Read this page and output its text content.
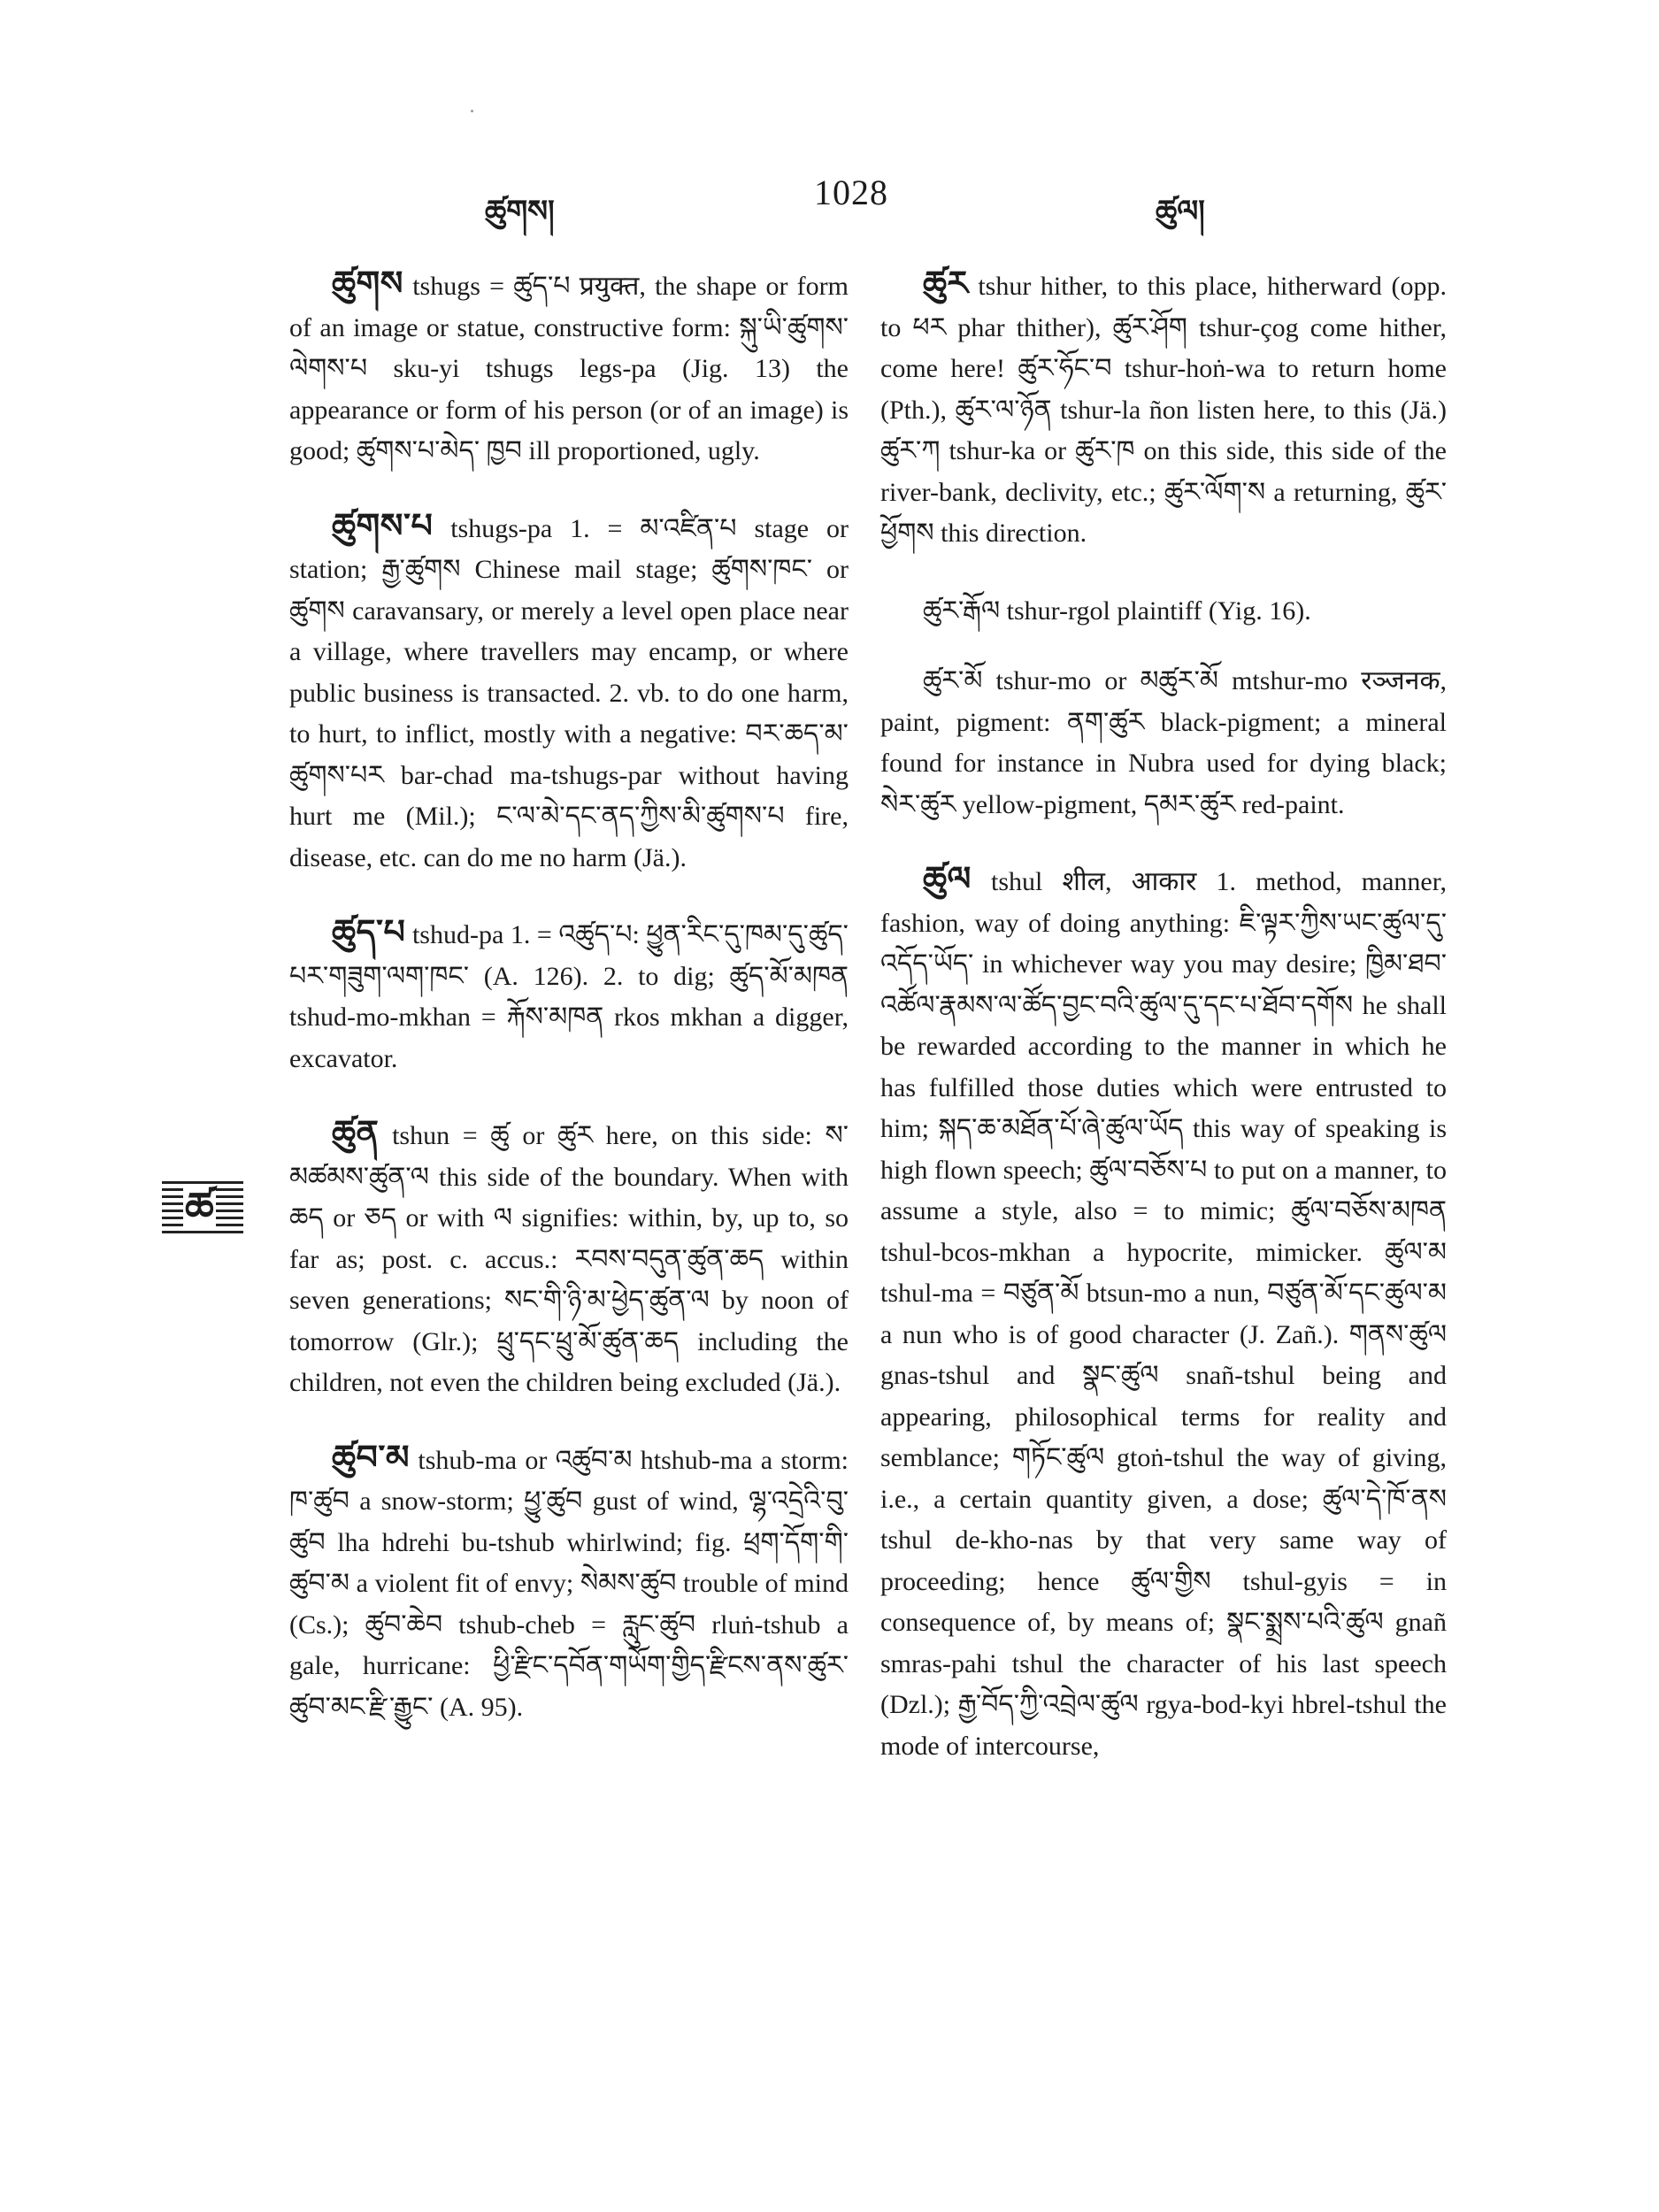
ཚུགས།	1028	ཚུལ།
ཚ

ཚུགས tshugs = ཚུད་པ प्रयुक्त, the shape or form of an image or statue, constructive form: སྐུ་ཡི་ཚུགས་ལེགས་པ sku-yi tshugs legs-pa (Jig. 13) the appearance or form of his person (or of an image) is good; ཚུགས་པ་མེད་ ཁྱབ ill proportioned, ugly.

ཚུགས་པ tshugs-pa 1. = མ་འཛིན་པ stage or station; རྒྱ་ཚུགས Chinese mail stage; ཚུགས་ཁང་ or ཚུགས caravansary, or merely a level open place near a village, where travellers may encamp, or where public business is transacted. 2. vb. to do one harm, to hurt, to inflict, mostly with a negative: བར་ཆད་མ་ཚུགས་པར bar-chad ma-tshugs-par without having hurt me (Mil.); ང་ལ་མེ་དང་ནད་ཀྱིས་མི་ཚུགས་པ fire, disease, etc. can do me no harm (Jä.).

ཚུད་པ tshud-pa 1. = འཚུད་པ: ཕྱུན་རིང་དུ་ཁམ་དུ་ཚུད་པར་གཟུག་ལག་ཁང་ (A. 126). 2. to dig; ཚུད་མོ་མཁན tshud-mo-mkhan = རྐོས་མཁན rkos mkhan a digger, excavator.

ཚུན tshun = ཚུ or ཚུར here, on this side: ས་མཚམས་ཚུན་ལ this side of the boundary. When with ཆད or ཅད or with ལ signifies: within, by, up to, so far as; post. c. accus.: རབས་བདུན་ཚུན་ཆད within seven generations; སང་གི་ཉི་མ་ཕྱེད་ཚུན་ལ by noon of tomorrow (Glr.); ཕྲུ་དང་ཕྲུ་མོ་ཚུན་ཆད including the children, not even the children being excluded (Jä.).

ཚུབ་མ tshub-ma or འཚུབ་མ htshub-ma a storm: ཁ་ཚུབ a snow-storm; ཕྱུ་ཚུབ gust of wind, ལྷ་འདྲེའི་བུ་ཚུབ lha hdrehi bu-tshub whirlwind; fig. ཕྲག་དོག་གི་ཚུབ་མ a violent fit of envy; སེམས་ཚུབ trouble of mind (Cs.); ཚུབ་ཆེབ tshub-cheb = རླུང་ཚུབ rluṅ-tshub a gale, hurricane: ཕྱི་རྫིང་དབོན་གཡོག་གྱིད་རྫིངས་ནས་ཚུར་ཚུབ་མང་རྫི་རྒྱུང་ (A. 95).

ཚུར tshur hither, to this place, hitherward (opp. to ཕར phar thither), ཚུར་ཤོག tshur-çog come hither, come here! ཚུར་ཧོང་བ tshur-hoṅ-wa to return home (Pth.), ཚུར་ལ་ཉོན tshur-la ñon listen here, to this (Jä.) ཚུར་ཀ tshur-ka or ཚུར་ཁ on this side, this side of the river-bank, declivity, etc.; ཚུར་ལོག་ས a returning, ཚུར་ཕྱོགས this direction.

ཚུར་རྒོལ tshur-rgol plaintiff (Yig. 16).

ཚུར་མོ tshur-mo or མཚུར་མོ mtshur-mo रञ्जनक, paint, pigment: ནག་ཚུར black-pigment; a mineral found for instance in Nubra used for dying black; སེར་ཚུར yellow-pigment, དམར་ཚུར red-paint.

ཚུལ tshul शील, आकार 1. method, manner, fashion, way of doing anything: ཇི་ལྟར་ཀྱིས་ཡང་ཚུལ་དུ་འདོད་ཡོད་ in whichever way you may desire; ཁྱིམ་ཐབ་འཚོལ་རྣམས་ལ་ཚོད་བྱང་བའི་ཚུལ་དུ་དང་པ་ཐོབ་དགོས he shall be rewarded according to the manner in which he has fulfilled those duties which were entrusted to him; སྐད་ཆ་མཐོན་པོ་ཞེ་ཚུལ་ཡོད this way of speaking is high flown speech; ཚུལ་བཅོས་པ to put on a manner, to assume a style, also = to mimic; ཚུལ་བཅོས་མཁན tshul-bcos-mkhan a hypocrite, mimicker. ཚུལ་མ tshul-ma = བཙུན་མོ btsun-mo a nun, བཙུན་མོ་དང་ཚུལ་མ a nun who is of good character (J. Zañ.). གནས་ཚུལ gnas-tshul and སྣང་ཚུལ snañ-tshul being and appearing, philosophical terms for reality and semblance; གཏོང་ཚུལ gtoṅ-tshul the way of giving, i.e., a certain quantity given, a dose; ཚུལ་དེ་ཁོ་ནས tshul de-kho-nas by that very same way of proceeding; hence ཚུལ་གྱིས tshul-gyis = in consequence of, by means of; སྣང་སྨྲས་པའི་ཚུལ gnañ smras-pahi tshul the character of his last speech (Dzl.); རྒྱ་བོད་ཀྱི་འབྲེལ་ཚུལ rgya-bod-kyi hbrel-tshul the mode of intercourse,
